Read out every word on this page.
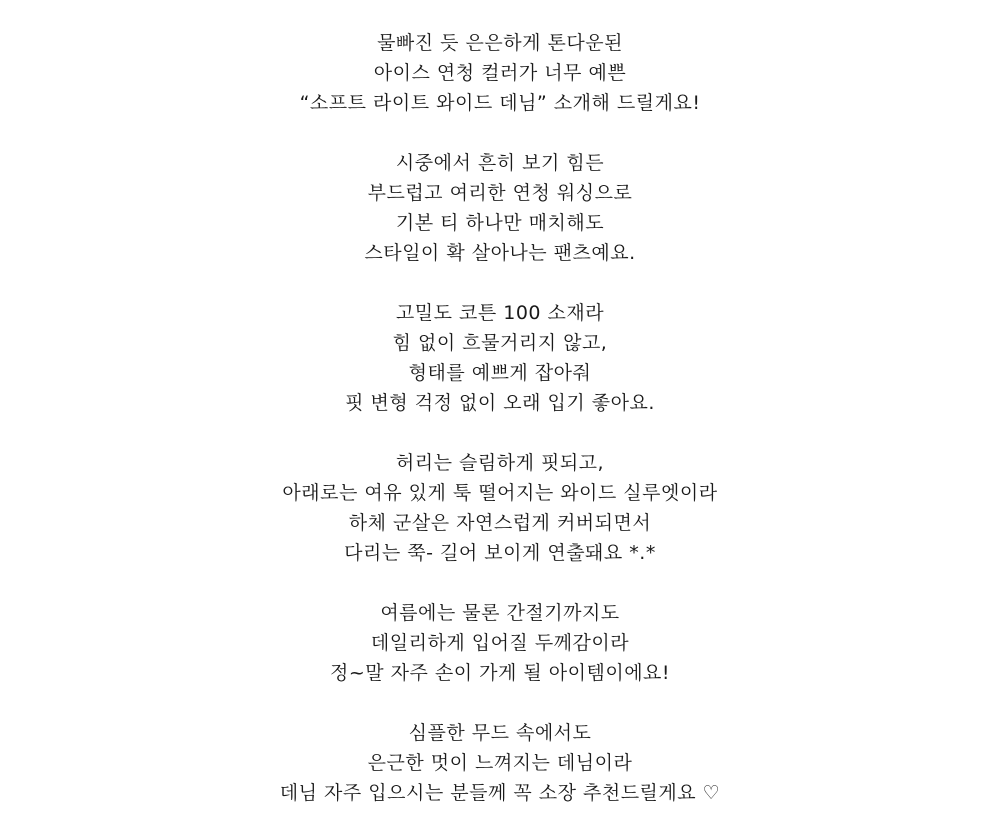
물빠진 듯 은은하게 톤다운된
아이스 연청 컬러가 너무 예쁜
“소프트 라이트 와이드 데님” 소개해 드릴게요!
시중에서 흔히 보기 힘든
부드럽고 여리한 연청 워싱으로
기본 티 하나만 매치해도
스타일이 확 살아나는 팬츠예요.
고밀도 코튼 100 소재라
힘 없이 흐물거리지 않고,
형태를 예쁘게 잡아줘
핏 변형 걱정 없이 오래 입기 좋아요.
허리는 슬림하게 핏되고,
아래로는 여유 있게 툭 떨어지는 와이드 실루엣이라
하체 군살은 자연스럽게 커버되면서
다리는 쭉- 길어 보이게 연출돼요 *.*
여름에는 물론 간절기까지도
데일리하게 입어질 두께감이라
정~말 자주 손이 가게 될 아이템이에요!
심플한 무드 속에서도
은근한 멋이 느껴지는 데님이라
데님 자주 입으시는 분들께 꼭 소장 추천드릴게요 ♡
